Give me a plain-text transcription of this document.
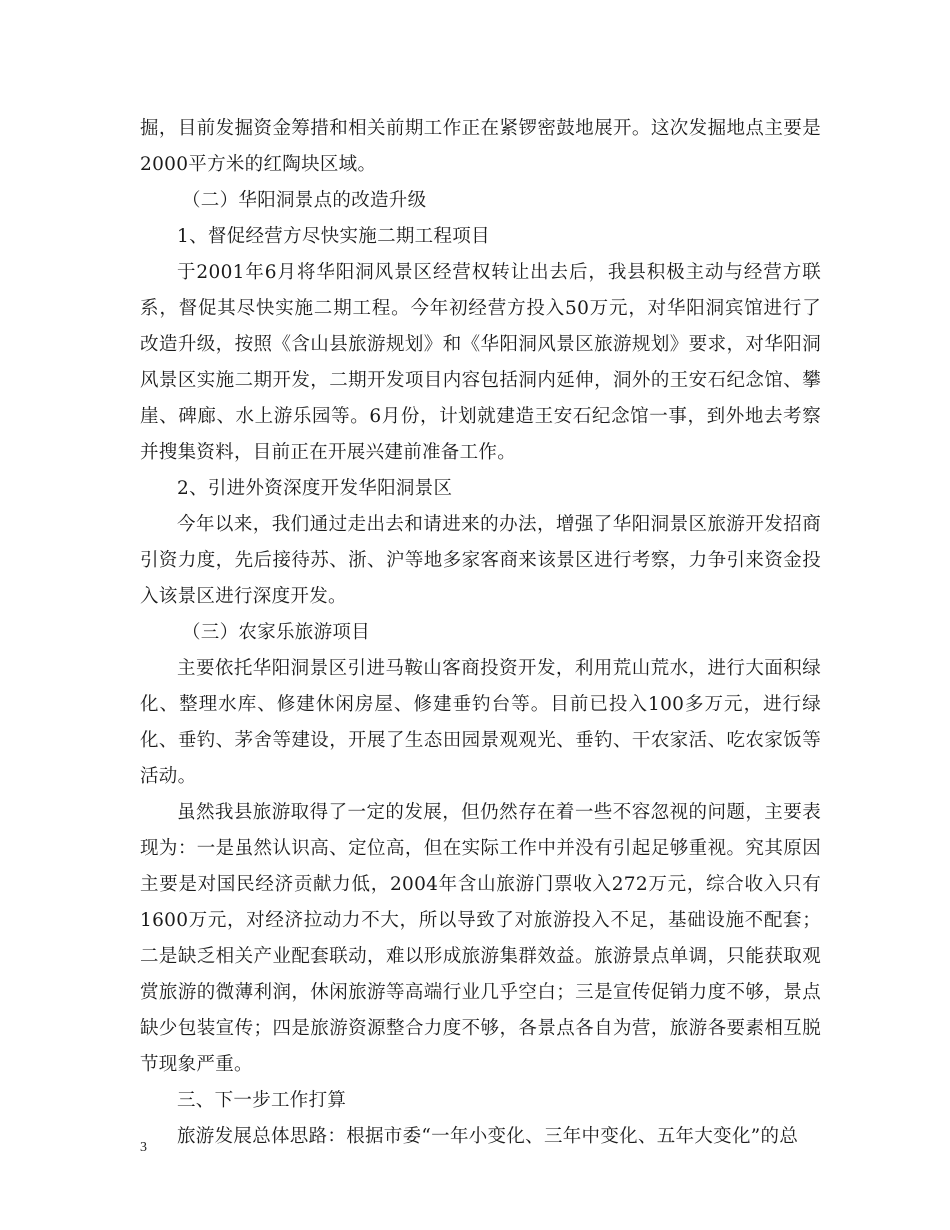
掘，目前发掘资金筹措和相关前期工作正在紧锣密鼓地展开。这次发掘地点主要是2000平方米的红陶块区域。

（二）华阳洞景点的改造升级

1、督促经营方尽快实施二期工程项目

于2001年6月将华阳洞风景区经营权转让出去后，我县积极主动与经营方联系，督促其尽快实施二期工程。今年初经营方投入50万元，对华阳洞宾馆进行了改造升级，按照《含山县旅游规划》和《华阳洞风景区旅游规划》要求，对华阳洞风景区实施二期开发，二期开发项目内容包括洞内延伸，洞外的王安石纪念馆、攀崖、碑廊、水上游乐园等。6月份，计划就建造王安石纪念馆一事，到外地去考察并搜集资料，目前正在开展兴建前准备工作。

2、引进外资深度开发华阳洞景区

今年以来，我们通过走出去和请进来的办法，增强了华阳洞景区旅游开发招商引资力度，先后接待苏、浙、沪等地多家客商来该景区进行考察，力争引来资金投入该景区进行深度开发。

（三）农家乐旅游项目

主要依托华阳洞景区引进马鞍山客商投资开发，利用荒山荒水，进行大面积绿化、整理水库、修建休闲房屋、修建垂钓台等。目前已投入100多万元，进行绿化、垂钓、茅舍等建设，开展了生态田园景观观光、垂钓、干农家活、吃农家饭等活动。

虽然我县旅游取得了一定的发展，但仍然存在着一些不容忽视的问题，主要表现为：一是虽然认识高、定位高，但在实际工作中并没有引起足够重视。究其原因主要是对国民经济贡献力低，2004年含山旅游门票收入272万元，综合收入只有1600万元，对经济拉动力不大，所以导致了对旅游投入不足，基础设施不配套；二是缺乏相关产业配套联动，难以形成旅游集群效益。旅游景点单调，只能获取观赏旅游的微薄利润，休闲旅游等高端行业几乎空白；三是宣传促销力度不够，景点缺少包装宣传；四是旅游资源整合力度不够，各景点各自为营，旅游各要素相互脱节现象严重。

三、下一步工作打算

旅游发展总体思路：根据市委“一年小变化、三年中变化、五年大变化”的总

3
